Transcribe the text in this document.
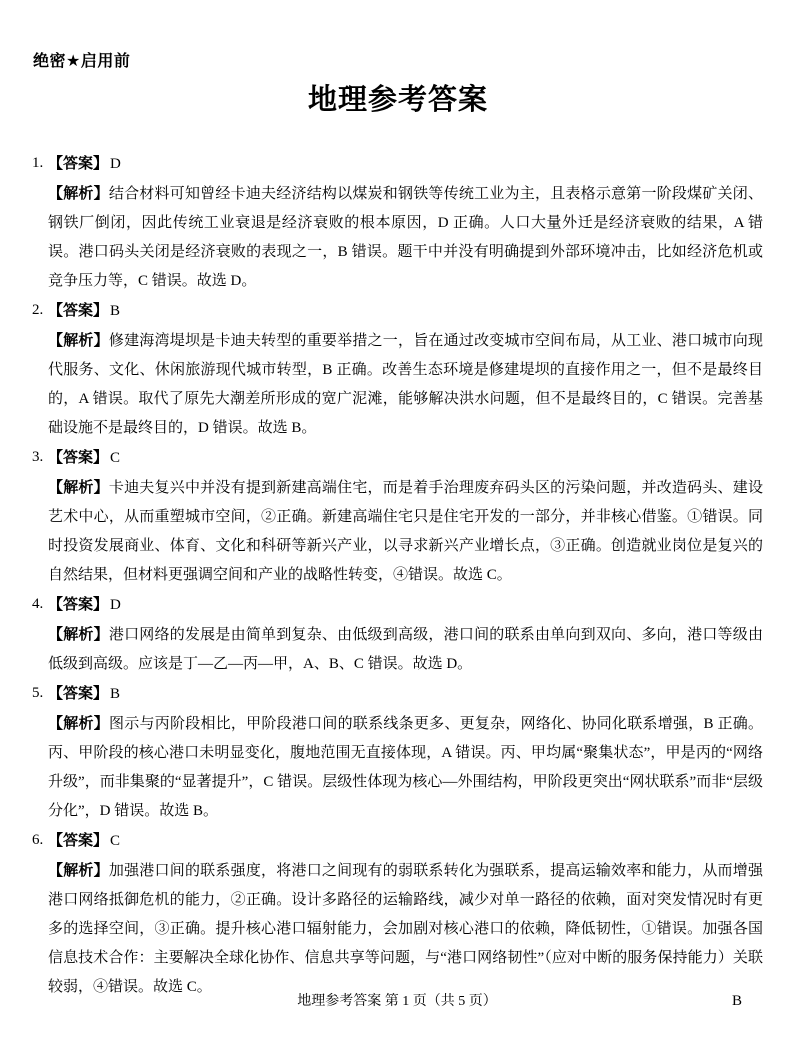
绝密★启用前
地理参考答案
1. 【答案】 D
【解析】结合材料可知曾经卡迪夫经济结构以煤炭和钢铁等传统工业为主，且表格示意第一阶段煤矿关闭、钢铁厂倒闭，因此传统工业衰退是经济衰败的根本原因，D 正确。人口大量外迁是经济衰败的结果，A 错误。港口码头关闭是经济衰败的表现之一，B 错误。题干中并没有明确提到外部环境冲击，比如经济危机或竞争压力等，C 错误。故选 D。
2. 【答案】 B
【解析】修建海湾堤坝是卡迪夫转型的重要举措之一，旨在通过改变城市空间布局，从工业、港口城市向现代服务、文化、休闲旅游现代城市转型，B 正确。改善生态环境是修建堤坝的直接作用之一，但不是最终目的，A 错误。取代了原先大潮差所形成的宽广泥滩，能够解决洪水问题，但不是最终目的，C 错误。完善基础设施不是最终目的，D 错误。故选 B。
3. 【答案】 C
【解析】卡迪夫复兴中并没有提到新建高端住宅，而是着手治理废弃码头区的污染问题，并改造码头、建设艺术中心，从而重塑城市空间，②正确。新建高端住宅只是住宅开发的一部分，并非核心借鉴。①错误。同时投资发展商业、体育、文化和科研等新兴产业，以寻求新兴产业增长点，③正确。创造就业岗位是复兴的自然结果，但材料更强调空间和产业的战略性转变，④错误。故选 C。
4. 【答案】 D
【解析】港口网络的发展是由简单到复杂、由低级到高级，港口间的联系由单向到双向、多向，港口等级由低级到高级。应该是丁—乙—丙—甲，A、B、C 错误。故选 D。
5. 【答案】 B
【解析】图示与丙阶段相比，甲阶段港口间的联系线条更多、更复杂，网络化、协同化联系增强，B 正确。丙、甲阶段的核心港口未明显变化，腹地范围无直接体现，A 错误。丙、甲均属“聚集状态”，甲是丙的“网络升级”，而非集聚的“显著提升”，C 错误。层级性体现为核心—外围结构，甲阶段更突出“网状联系”而非“层级分化”，D 错误。故选 B。
6. 【答案】 C
【解析】加强港口间的联系强度，将港口之间现有的弱联系转化为强联系，提高运输效率和能力，从而增强港口网络抵御危机的能力，②正确。设计多路径的运输路线，减少对单一路径的依赖，面对突发情况时有更多的选择空间，③正确。提升核心港口辐射能力，会加剧对核心港口的依赖，降低韧性，①错误。加强各国信息技术合作：主要解决全球化协作、信息共享等问题，与“港口网络韧性”（应对中断的服务保持能力）关联较弱，④错误。故选 C。
地理参考答案 第 1 页（共 5 页）	B
